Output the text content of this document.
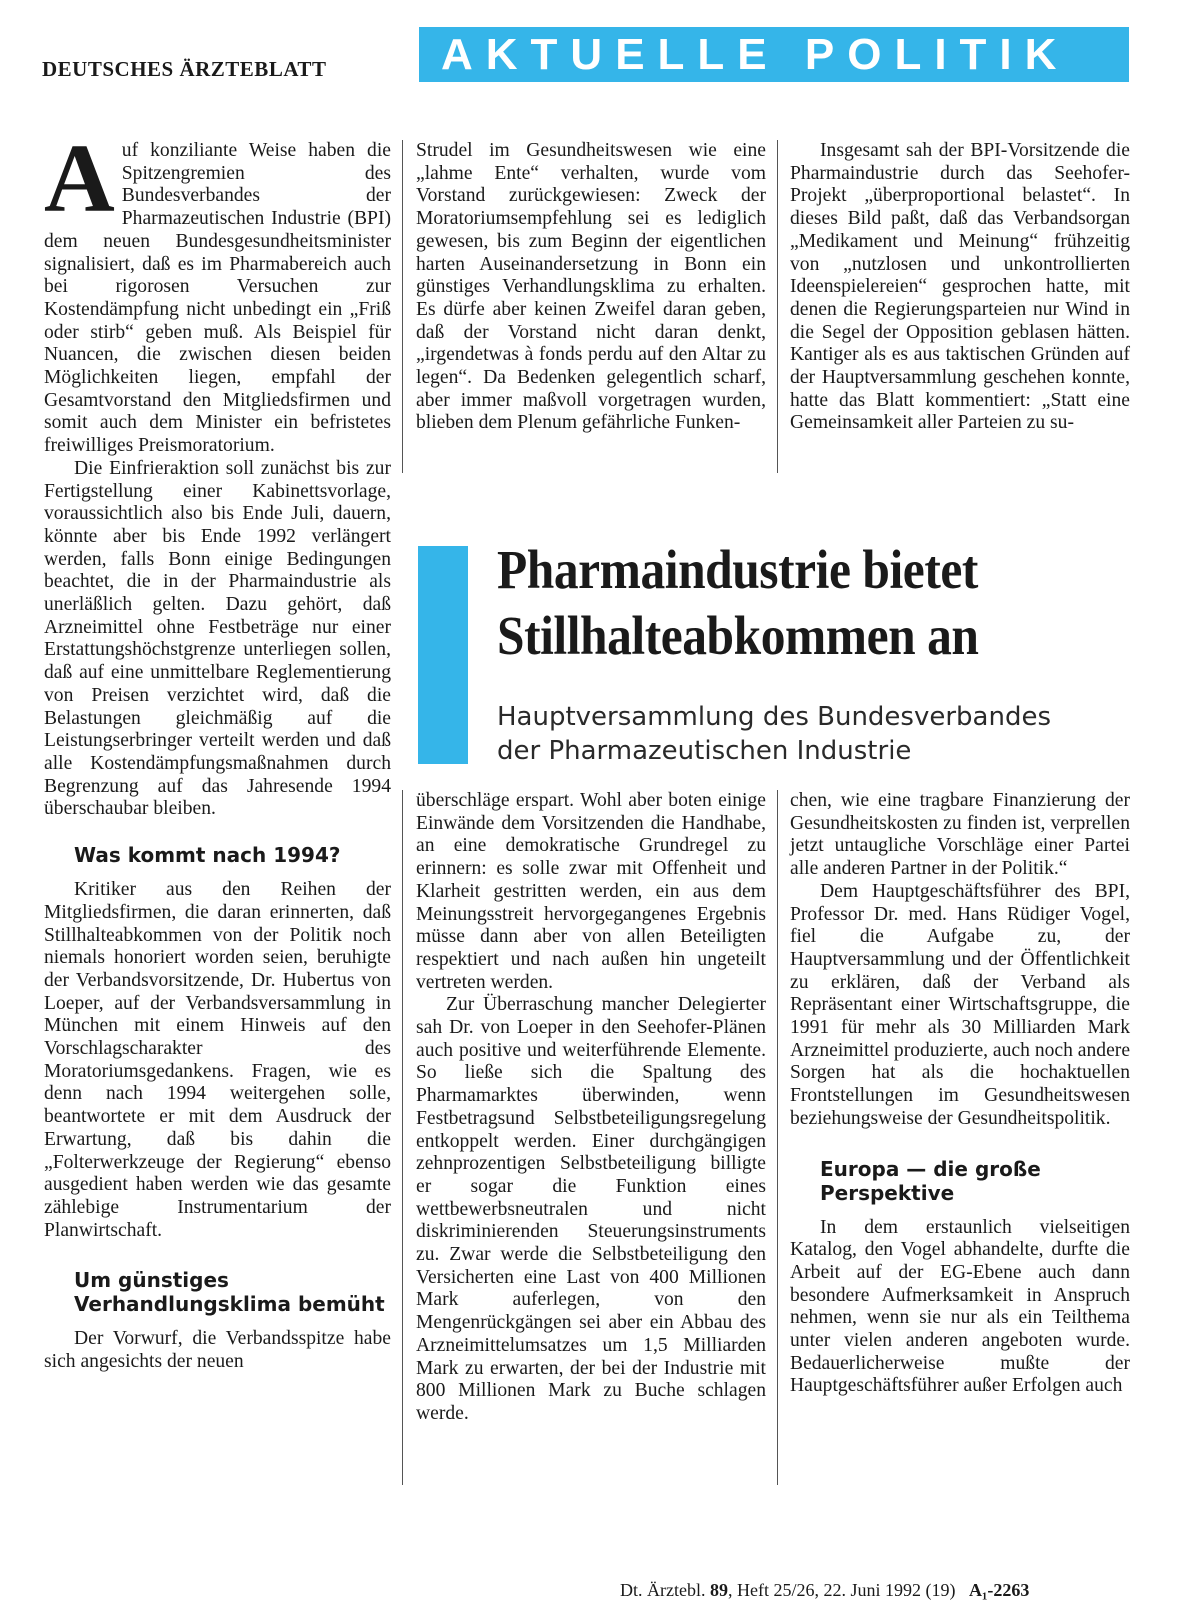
DEUTSCHES ÄRZTEBLATT	AKTUELLE POLITIK

Auf konziliante Weise haben die Spitzengremien des Bundesverbandes der Pharmazeutischen Industrie (BPI) dem neuen Bundesgesundheitsminister signalisiert, daß es im Pharmabereich auch bei rigorosen Versuchen zur Kostendämpfung nicht unbedingt ein „Friß oder stirb“ geben muß. Als Beispiel für Nuancen, die zwischen diesen beiden Möglichkeiten liegen, empfahl der Gesamtvorstand den Mitgliedsfirmen und somit auch dem Minister ein befristetes freiwilliges Preismoratorium.

Die Einfrieraktion soll zunächst bis zur Fertigstellung einer Kabinettsvorlage, voraussichtlich also bis Ende Juli, dauern, könnte aber bis Ende 1992 verlängert werden, falls Bonn einige Bedingungen beachtet, die in der Pharmaindustrie als unerläßlich gelten. Dazu gehört, daß Arzneimittel ohne Festbeträge nur einer Erstattungshöchstgrenze unterliegen sollen, daß auf eine unmittelbare Reglementierung von Preisen verzichtet wird, daß die Belastungen gleichmäßig auf die Leistungserbringer verteilt werden und daß alle Kostendämpfungsmaßnahmen durch Begrenzung auf das Jahresende 1994 überschaubar bleiben.

Was kommt nach 1994?

Kritiker aus den Reihen der Mitgliedsfirmen, die daran erinnerten, daß Stillhalteabkommen von der Politik noch niemals honoriert worden seien, beruhigte der Verbandsvorsitzende, Dr. Hubertus von Loeper, auf der Verbandsversammlung in München mit einem Hinweis auf den Vorschlagscharakter des Moratoriumsgedankens. Fragen, wie es denn nach 1994 weitergehen solle, beantwortete er mit dem Ausdruck der Erwartung, daß bis dahin die „Folterwerkzeuge der Regierung“ ebenso ausgedient haben werden wie das gesamte zählebige Instrumentarium der Planwirtschaft.

Um günstiges Verhandlungsklima bemüht

Der Vorwurf, die Verbandsspitze habe sich angesichts der neuen

Strudel im Gesundheitswesen wie eine „lahme Ente“ verhalten, wurde vom Vorstand zurückgewiesen: Zweck der Moratoriumsempfehlung sei es lediglich gewesen, bis zum Beginn der eigentlichen harten Auseinandersetzung in Bonn ein günstiges Verhandlungsklima zu erhalten. Es dürfe aber keinen Zweifel daran geben, daß der Vorstand nicht daran denkt, „irgendetwas à fonds perdu auf den Altar zu legen“. Da Bedenken gelegentlich scharf, aber immer maßvoll vorgetragen wurden, blieben dem Plenum gefährliche Funken-

Insgesamt sah der BPI-Vorsitzende die Pharmaindustrie durch das Seehofer-Projekt „überproportional belastet“. In dieses Bild paßt, daß das Verbandsorgan „Medikament und Meinung“ frühzeitig von „nutzlosen und unkontrollierten Ideenspielereien“ gesprochen hatte, mit denen die Regierungsparteien nur Wind in die Segel der Opposition geblasen hätten. Kantiger als es aus taktischen Gründen auf der Hauptversammlung geschehen konnte, hatte das Blatt kommentiert: „Statt eine Gemeinsamkeit aller Parteien zu su-

Pharmaindustrie bietet
Stillhalteabkommen an
Hauptversammlung des Bundesverbandes
der Pharmazeutischen Industrie

überschläge erspart. Wohl aber boten einige Einwände dem Vorsitzenden die Handhabe, an eine demokratische Grundregel zu erinnern: es solle zwar mit Offenheit und Klarheit gestritten werden, ein aus dem Meinungsstreit hervorgegangenes Ergebnis müsse dann aber von allen Beteiligten respektiert und nach außen hin ungeteilt vertreten werden.

Zur Überraschung mancher Delegierter sah Dr. von Loeper in den Seehofer-Plänen auch positive und weiterführende Elemente. So ließe sich die Spaltung des Pharmamarktes überwinden, wenn Festbetragsund Selbstbeteiligungsregelung entkoppelt werden. Einer durchgängigen zehnprozentigen Selbstbeteiligung billigte er sogar die Funktion eines wettbewerbsneutralen und nicht diskriminierenden Steuerungsinstruments zu. Zwar werde die Selbstbeteiligung den Versicherten eine Last von 400 Millionen Mark auferlegen, von den Mengenrückgängen sei aber ein Abbau des Arzneimittelumsatzes um 1,5 Milliarden Mark zu erwarten, der bei der Industrie mit 800 Millionen Mark zu Buche schlagen werde.

chen, wie eine tragbare Finanzierung der Gesundheitskosten zu finden ist, verprellen jetzt untaugliche Vorschläge einer Partei alle anderen Partner in der Politik.“

Dem Hauptgeschäftsführer des BPI, Professor Dr. med. Hans Rüdiger Vogel, fiel die Aufgabe zu, der Hauptversammlung und der Öffentlichkeit zu erklären, daß der Verband als Repräsentant einer Wirtschaftsgruppe, die 1991 für mehr als 30 Milliarden Mark Arzneimittel produzierte, auch noch andere Sorgen hat als die hochaktuellen Frontstellungen im Gesundheitswesen beziehungsweise der Gesundheitspolitik.

Europa — die große Perspektive

In dem erstaunlich vielseitigen Katalog, den Vogel abhandelte, durfte die Arbeit auf der EG-Ebene auch dann besondere Aufmerksamkeit in Anspruch nehmen, wenn sie nur als ein Teilthema unter vielen anderen angeboten wurde. Bedauerlicherweise mußte der Hauptgeschäftsführer außer Erfolgen auch

Dt. Ärztebl. 89, Heft 25/26, 22. Juni 1992 (19) A₁-2263
